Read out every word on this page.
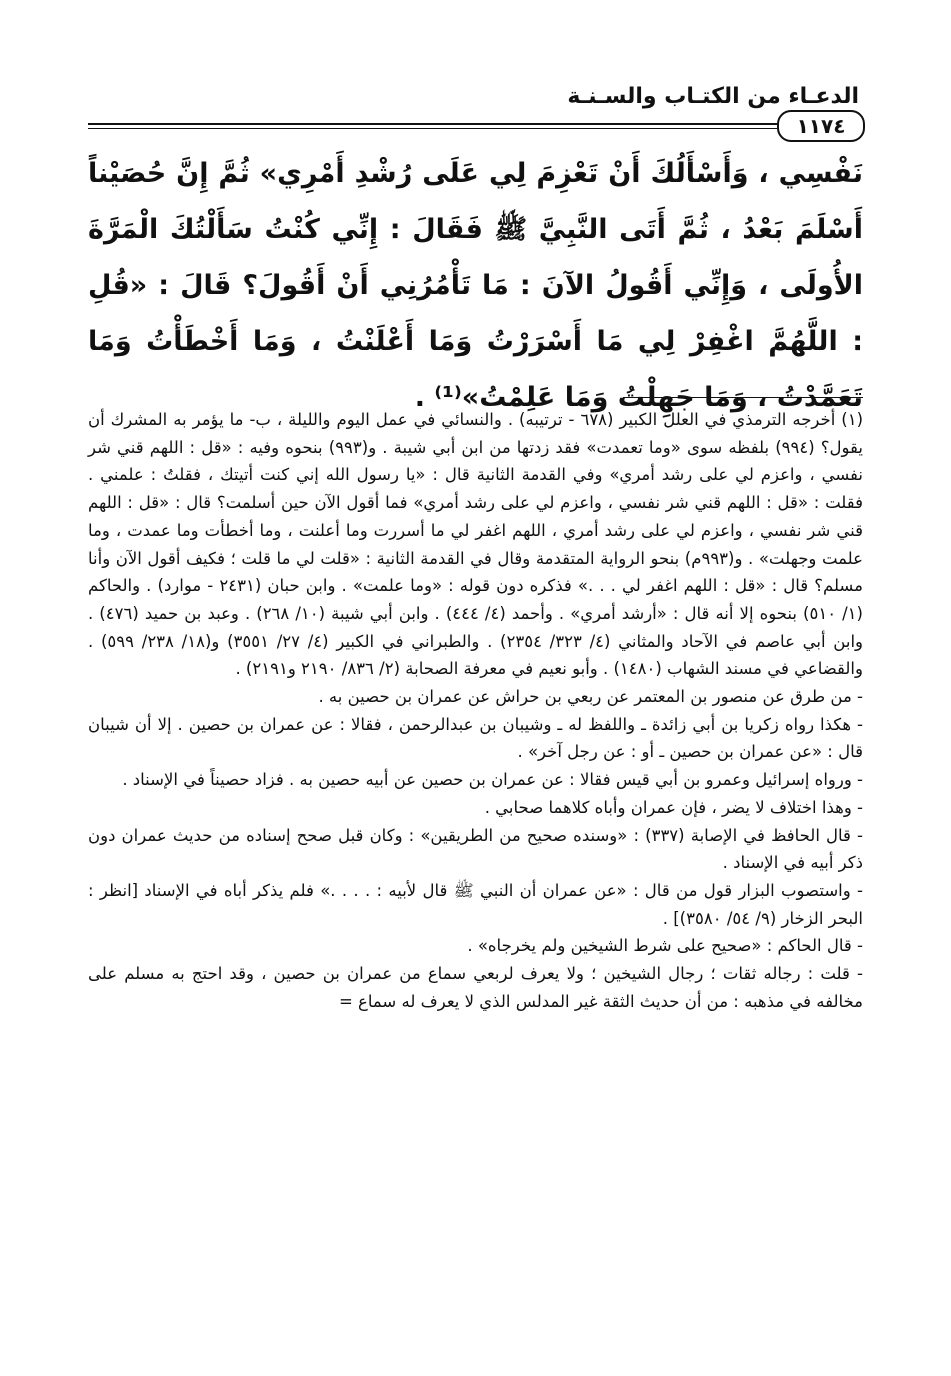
الدعـاء من الكتـاب والسـنـة
١١٧٤

نَفْسِي ، وَأَسْأَلُكَ أَنْ تَعْزِمَ لِي عَلَى رُشْدِ أَمْرِي» ثُمَّ إِنَّ حُصَيْناً أَسْلَمَ بَعْدُ ، ثُمَّ أَتَى النَّبِيَّ ﷺ فَقَالَ : إِنِّي كُنْتُ سَأَلْتُكَ الْمَرَّةَ الأُولَى ، وَإِنِّي أَقُولُ الآنَ : مَا تَأْمُرُنِي أَنْ أَقُولَ؟ قَالَ : «قُلِ : اللَّهُمَّ اغْفِرْ لِي مَا أَسْرَرْتُ وَمَا أَعْلَنْتُ ، وَمَا أَخْطَأْتُ وَمَا تَعَمَّدْتُ ، وَمَا جَهِلْتُ وَمَا عَلِمْتُ»⁽¹⁾ .

(١) أخرجه الترمذي في العلل الكبير (٦٧٨ - ترتيبه) . والنسائي في عمل اليوم والليلة ، ب- ما يؤمر به المشرك أن يقول؟ (٩٩٤) بلفظه سوى «وما تعمدت» فقد زدتها من ابن أبي شيبة . و(٩٩٣) بنحوه وفيه : «قل : اللهم قني شر نفسي ، واعزم لي على رشد أمري» وفي القدمة الثانية قال : «يا رسول الله إني كنت أتيتك ، فقلتُ : علمني . فقلت : «قل : اللهم قني شر نفسي ، واعزم لي على رشد أمري» فما أقول الآن حين أسلمت؟ قال : «قل : اللهم قني شر نفسي ، واعزم لي على رشد أمري ، اللهم اغفر لي ما أسررت وما أعلنت ، وما أخطأت وما عمدت ، وما علمت وجهلت» . و(٩٩٣م) بنحو الرواية المتقدمة وقال في القدمة الثانية : «قلت لي ما قلت ؛ فكيف أقول الآن وأنا مسلم؟ قال : «قل : اللهم اغفر لي . . .» فذكره دون قوله : «وما علمت» . وابن حبان (٢٤٣١ - موارد) . والحاكم (١/ ٥١٠) بنحوه إلا أنه قال : «أرشد أمري» . وأحمد (٤/ ٤٤٤) . وابن أبي شيبة (١٠/ ٢٦٨) . وعبد بن حميد (٤٧٦) . وابن أبي عاصم في الآحاد والمثاني (٤/ ٣٢٣/ ٢٣٥٤) . والطبراني في الكبير (٤/ ٢٧/ ٣٥٥١) و(١٨/ ٢٣٨/ ٥٩٩) . والقضاعي في مسند الشهاب (١٤٨٠) . وأبو نعيم في معرفة الصحابة (٢/ ٨٣٦/ ٢١٩٠ و٢١٩١) .

- من طرق عن منصور بن المعتمر عن ربعي بن حراش عن عمران بن حصين به .

- هكذا رواه زكريا بن أبي زائدة ـ واللفظ له ـ وشيبان بن عبدالرحمن ، فقالا : عن عمران بن حصين . إلا أن شيبان قال : «عن عمران بن حصين ـ أو : عن رجل آخر» .

- ورواه إسرائيل وعمرو بن أبي قيس فقالا : عن عمران بن حصين عن أبيه حصين به . فزاد حصيناً في الإسناد .

- وهذا اختلاف لا يضر ، فإن عمران وأباه كلاهما صحابي .

- قال الحافظ في الإصابة (٣٣٧) : «وسنده صحيح من الطريقين» : وكان قبل صحح إسناده من حديث عمران دون ذكر أبيه في الإسناد .

- واستصوب البزار قول من قال : «عن عمران أن النبي ﷺ قال لأبيه : . . . .» فلم يذكر أباه في الإسناد [انظر : البحر الزخار (٩/ ٥٤/ ٣٥٨٠)] .

- قال الحاكم : «صحيح على شرط الشيخين ولم يخرجاه» .

- قلت : رجاله ثقات ؛ رجال الشيخين ؛ ولا يعرف لربعي سماع من عمران بن حصين ، وقد احتج به مسلم على مخالفه في مذهبه : من أن حديث الثقة غير المدلس الذي لا يعرف له سماع =
